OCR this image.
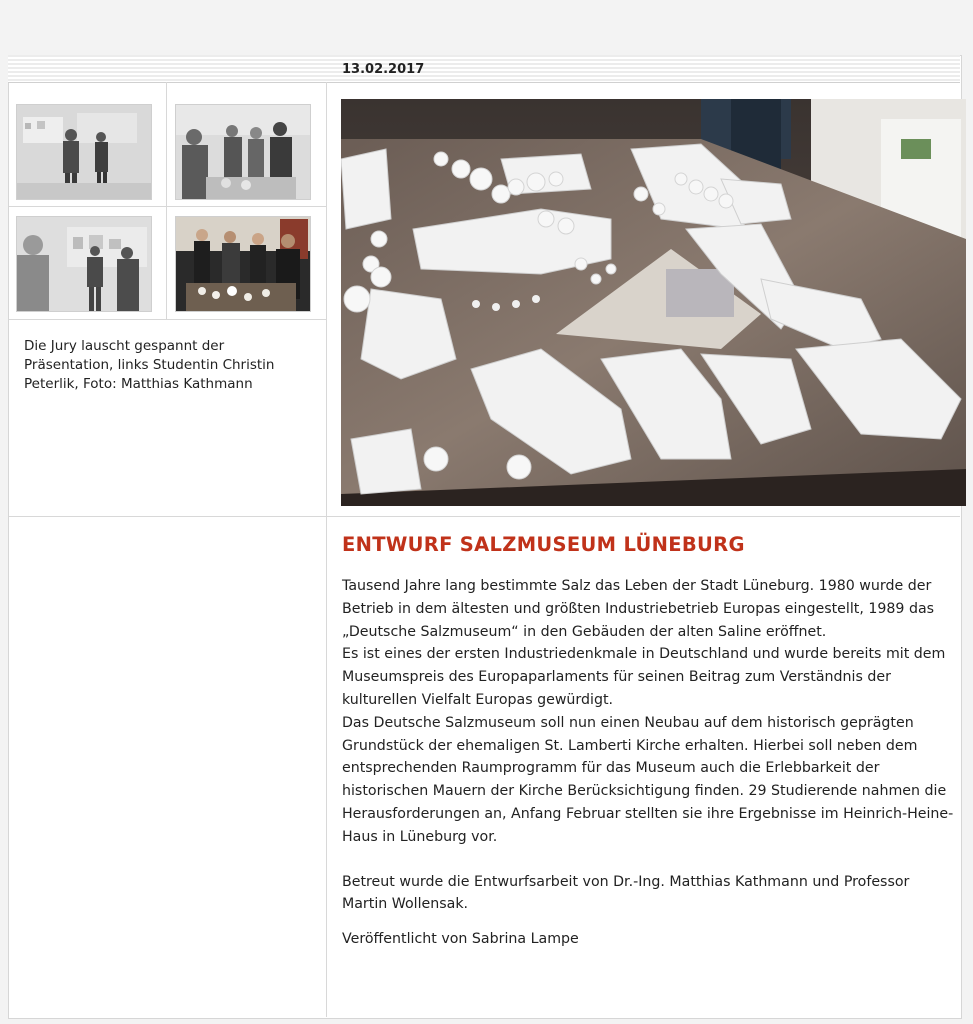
13.02.2017
Die Jury lauscht gespannt der Präsentation, links Studentin Christin Peterlik, Foto: Matthias Kathmann
ENTWURF SALZMUSEUM LÜNEBURG

Tausend Jahre lang bestimmte Salz das Leben der Stadt Lüneburg. 1980 wurde der Betrieb in dem ältesten und größten Industriebetrieb Europas eingestellt, 1989 das „Deutsche Salzmuseum“ in den Gebäuden der alten Saline eröffnet.

Es ist eines der ersten Industriedenkmale in Deutschland und wurde bereits mit dem Museumspreis des Europaparlaments für seinen Beitrag zum Verständnis der kulturellen Vielfalt Europas gewürdigt.

Das Deutsche Salzmuseum soll nun einen Neubau auf dem historisch geprägten Grundstück der ehemaligen St. Lamberti Kirche erhalten. Hierbei soll neben dem entsprechenden Raumprogramm für das Museum auch die Erlebbarkeit der historischen Mauern der Kirche Berücksichtigung finden. 29 Studierende nahmen die Herausforderungen an, Anfang Februar stellten sie ihre Ergebnisse im Heinrich-Heine-Haus in Lüneburg vor.

Betreut wurde die Entwurfsarbeit von Dr.-Ing. Matthias Kathmann und Professor Martin Wollensak.

Veröffentlicht von Sabrina Lampe
